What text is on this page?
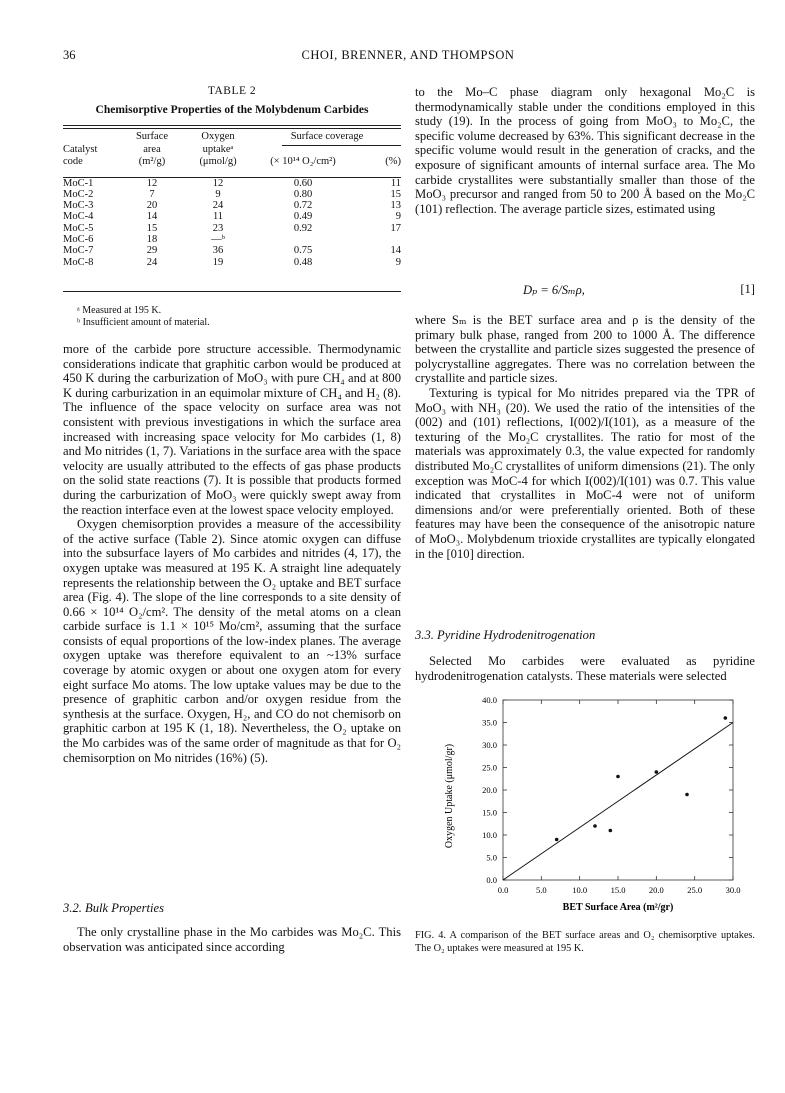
36	CHOI, BRENNER, AND THOMPSON
TABLE 2
Chemisorptive Properties of the Molybdenum Carbides
	Surface	Oxygen	Surface coverage	
Catalyst	area	uptakeᵃ		
code	(m²/g)	(μmol/g)	(× 10¹⁴ O₂/cm²)	(%)

MoC-1	12	12	0.60	11
MoC-2	7	9	0.80	15
MoC-3	20	24	0.72	13
MoC-4	14	11	0.49	9
MoC-5	15	23	0.92	17
MoC-6	18	—ᵇ		
MoC-7	29	36	0.75	14
MoC-8	24	19	0.48	9
ᵃ Measured at 195 K.
ᵇ Insufficient amount of material.

more of the carbide pore structure accessible. Thermodynamic considerations indicate that graphitic carbon would be produced at 450 K during the carburization of MoO₃ with pure CH₄ and at 800 K during carburization in an equimolar mixture of CH₄ and H₂ (8). The influence of the space velocity on surface area was not consistent with previous investigations in which the surface area increased with increasing space velocity for Mo carbides (1, 8) and Mo nitrides (1, 7). Variations in the surface area with the space velocity are usually attributed to the effects of gas phase products on the solid state reactions (7). It is possible that products formed during the carburization of MoO₃ were quickly swept away from the reaction interface even at the lowest space velocity employed.

Oxygen chemisorption provides a measure of the accessibility of the active surface (Table 2). Since atomic oxygen can diffuse into the subsurface layers of Mo carbides and nitrides (4, 17), the oxygen uptake was measured at 195 K. A straight line adequately represents the relationship between the O₂ uptake and BET surface area (Fig. 4). The slope of the line corresponds to a site density of 0.66 × 10¹⁴ O₂/cm². The density of the metal atoms on a clean carbide surface is 1.1 × 10¹⁵ Mo/cm², assuming that the surface consists of equal proportions of the low-index planes. The average oxygen uptake was therefore equivalent to an ~13% surface coverage by atomic oxygen or about one oxygen atom for every eight surface Mo atoms. The low uptake values may be due to the presence of graphitic carbon and/or oxygen residue from the synthesis at the surface. Oxygen, H₂, and CO do not chemisorb on graphitic carbon at 195 K (1, 18). Nevertheless, the O₂ uptake on the Mo carbides was of the same order of magnitude as that for O₂ chemisorption on Mo nitrides (16%) (5).

3.2. Bulk Properties

The only crystalline phase in the Mo carbides was Mo₂C. This observation was anticipated since according

to the Mo–C phase diagram only hexagonal Mo₂C is thermodynamically stable under the conditions employed in this study (19). In the process of going from MoO₃ to Mo₂C, the specific volume decreased by 63%. This significant decrease in the specific volume would result in the generation of cracks, and the exposure of significant amounts of internal surface area. The Mo carbide crystallites were substantially smaller than those of the MoO₃ precursor and ranged from 50 to 200 Å based on the Mo₂C (101) reflection. The average particle sizes, estimated using

Dₚ = 6/Sₘρ,	[1]

where Sₘ is the BET surface area and ρ is the density of the primary bulk phase, ranged from 200 to 1000 Å. The difference between the crystallite and particle sizes suggested the presence of polycrystalline aggregates. There was no correlation between the crystallite and particle sizes.

Texturing is typical for Mo nitrides prepared via the TPR of MoO₃ with NH₃ (20). We used the ratio of the intensities of the (002) and (101) reflections, I(002)/I(101), as a measure of the texturing of the Mo₂C crystallites. The ratio for most of the materials was approximately 0.3, the value expected for randomly distributed Mo₂C crystallites of uniform dimensions (21). The only exception was MoC-4 for which I(002)/I(101) was 0.7. This value indicated that crystallites in MoC-4 were not of uniform dimensions and/or were preferentially oriented. Both of these features may have been the consequence of the anisotropic nature of MoO₃. Molybdenum trioxide crystallites are typically elongated in the [010] direction.

3.3. Pyridine Hydrodenitrogenation

Selected Mo carbides were evaluated as pyridine hydrodenitrogenation catalysts. These materials were selected

0.0	5.0	10.0	15.0	20.0	25.0	30.0
0.0
5.0
10.0
15.0
20.0
25.0
30.0
35.0
40.0
Oxygen Uptake (μmol/gr)
BET Surface Area (m²/gr)
FIG. 4. A comparison of the BET surface areas and O₂ chemisorptive uptakes. The O₂ uptakes were measured at 195 K.
